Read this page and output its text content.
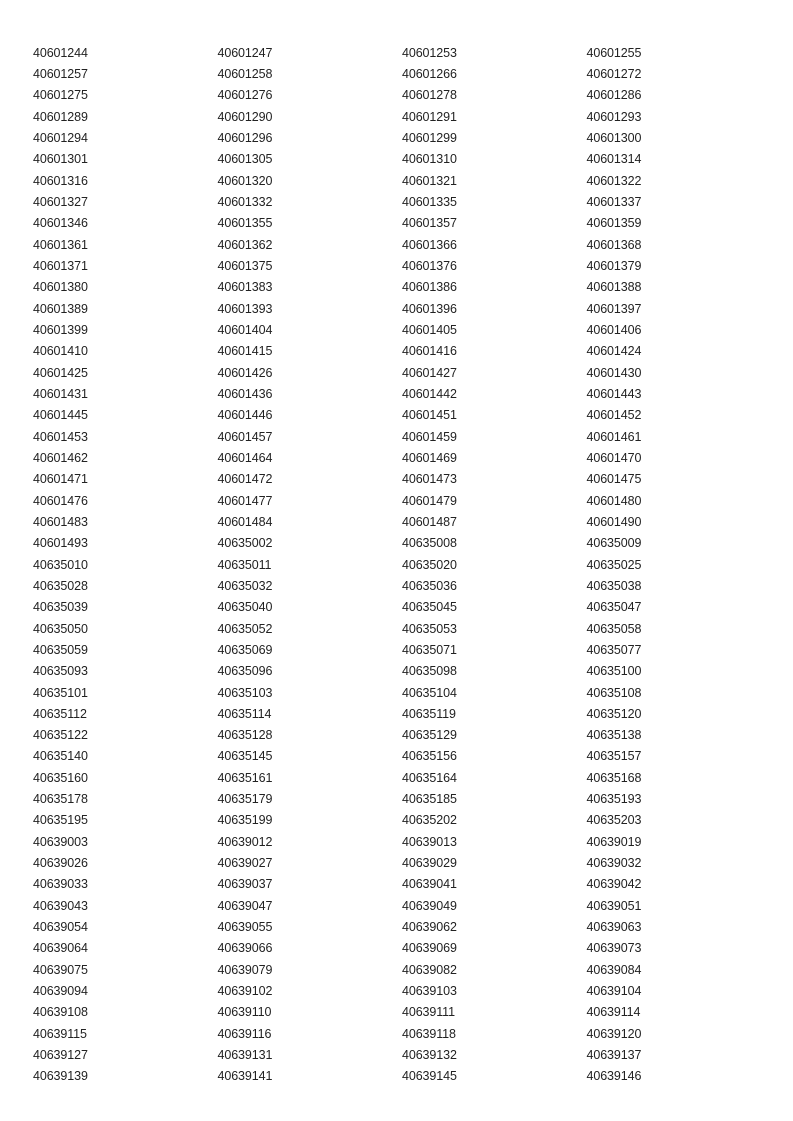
40601244	40601247	40601253	40601255
40601257	40601258	40601266	40601272
40601275	40601276	40601278	40601286
40601289	40601290	40601291	40601293
40601294	40601296	40601299	40601300
40601301	40601305	40601310	40601314
40601316	40601320	40601321	40601322
40601327	40601332	40601335	40601337
40601346	40601355	40601357	40601359
40601361	40601362	40601366	40601368
40601371	40601375	40601376	40601379
40601380	40601383	40601386	40601388
40601389	40601393	40601396	40601397
40601399	40601404	40601405	40601406
40601410	40601415	40601416	40601424
40601425	40601426	40601427	40601430
40601431	40601436	40601442	40601443
40601445	40601446	40601451	40601452
40601453	40601457	40601459	40601461
40601462	40601464	40601469	40601470
40601471	40601472	40601473	40601475
40601476	40601477	40601479	40601480
40601483	40601484	40601487	40601490
40601493	40635002	40635008	40635009
40635010	40635011	40635020	40635025
40635028	40635032	40635036	40635038
40635039	40635040	40635045	40635047
40635050	40635052	40635053	40635058
40635059	40635069	40635071	40635077
40635093	40635096	40635098	40635100
40635101	40635103	40635104	40635108
40635112	40635114	40635119	40635120
40635122	40635128	40635129	40635138
40635140	40635145	40635156	40635157
40635160	40635161	40635164	40635168
40635178	40635179	40635185	40635193
40635195	40635199	40635202	40635203
40639003	40639012	40639013	40639019
40639026	40639027	40639029	40639032
40639033	40639037	40639041	40639042
40639043	40639047	40639049	40639051
40639054	40639055	40639062	40639063
40639064	40639066	40639069	40639073
40639075	40639079	40639082	40639084
40639094	40639102	40639103	40639104
40639108	40639110	40639111	40639114
40639115	40639116	40639118	40639120
40639127	40639131	40639132	40639137
40639139	40639141	40639145	40639146
